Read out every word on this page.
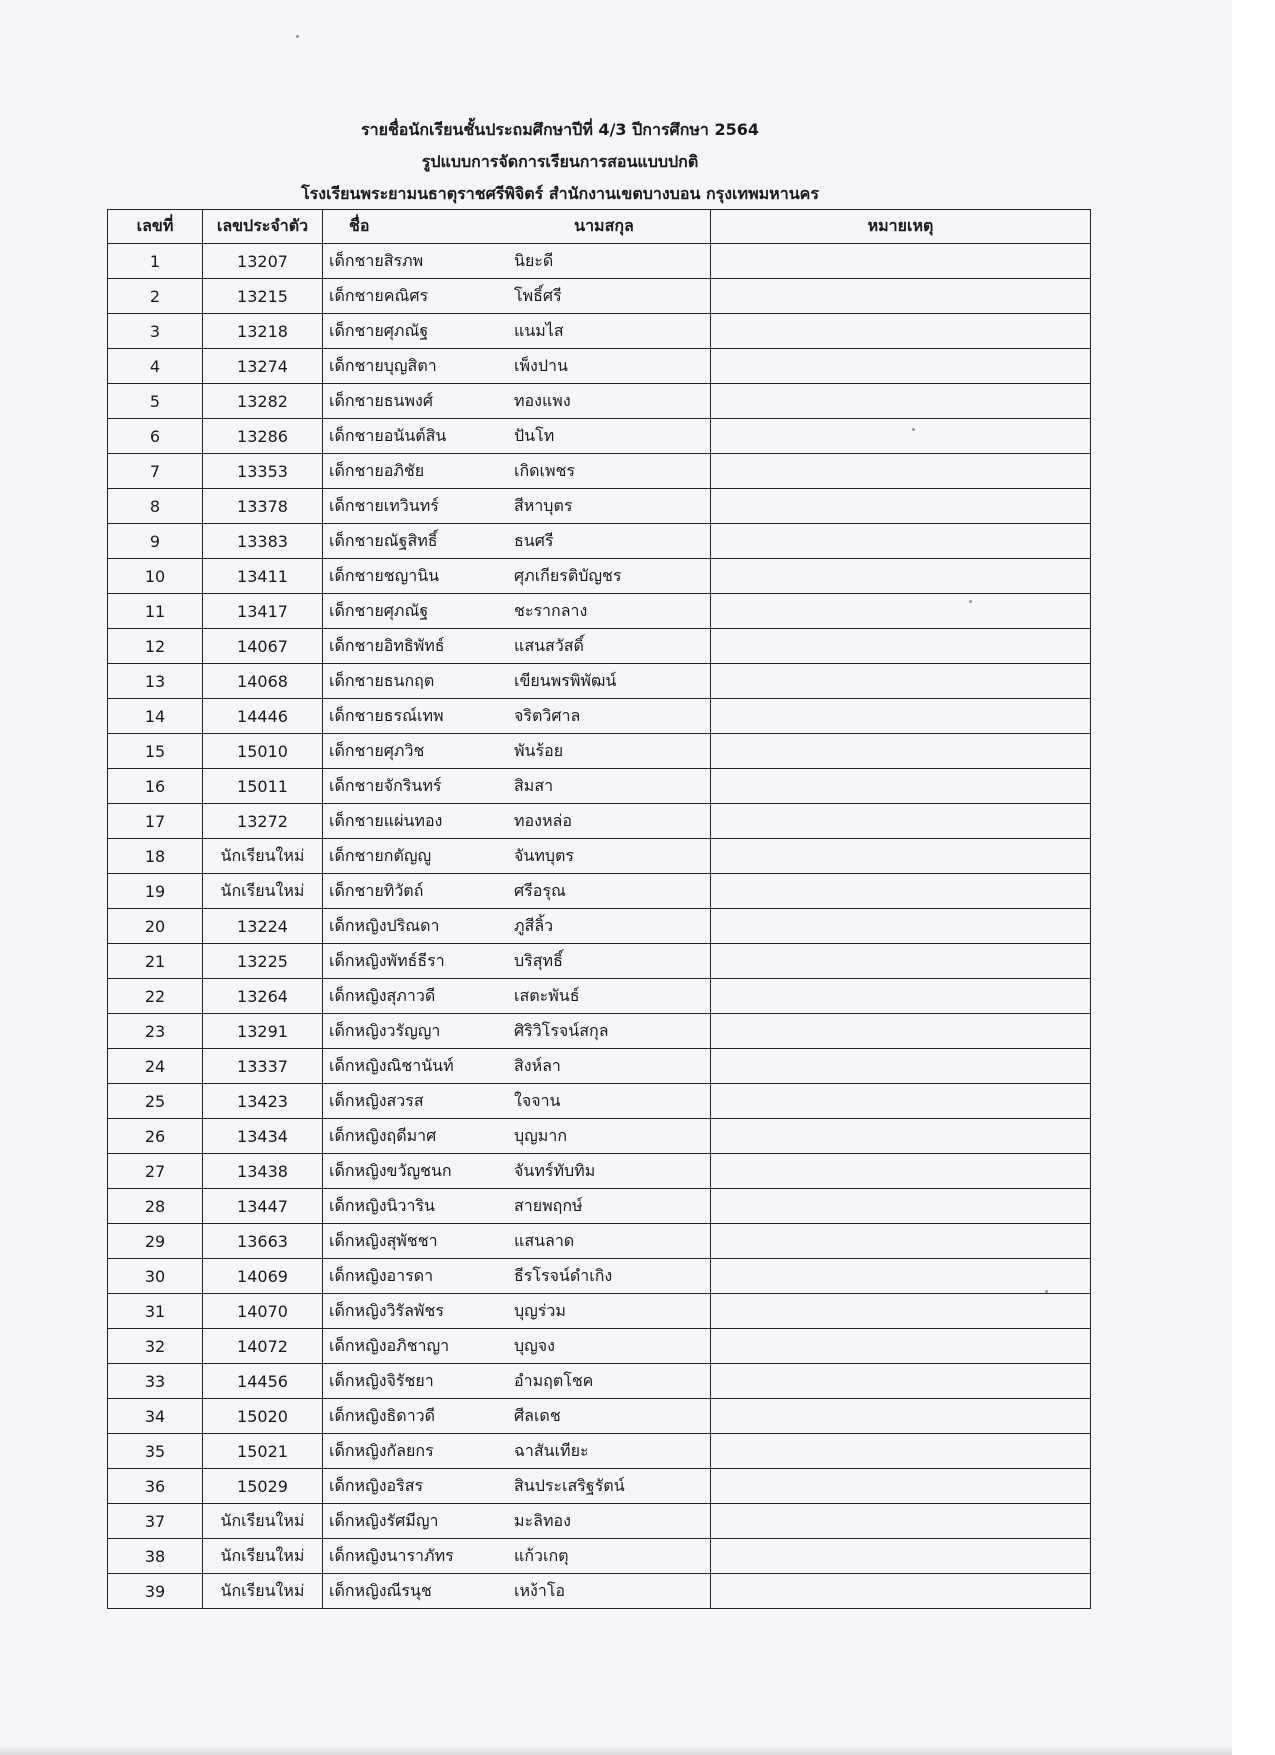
รายชื่อนักเรียนชั้นประถมศึกษาปีที่ 4/3 ปีการศึกษา 2564
รูปแบบการจัดการเรียนการสอนแบบปกติ
โรงเรียนพระยามนธาตุราชศรีพิจิตร์ สำนักงานเขตบางบอน กรุงเทพมหานคร
เลขที่	เลขประจำตัว	ชื่อ นามสกุล	หมายเหตุ
1	13207	เด็กชายสิรภพ นิยะดี	

2	13215	เด็กชายคณิศร โพธิ์ศรี	

3	13218	เด็กชายศุภณัฐ แนมไส	

4	13274	เด็กชายบุญสิตา เพ็งปาน	

5	13282	เด็กชายธนพงศ์ ทองแพง	

6	13286	เด็กชายอนันต์สิน ปันโท	

7	13353	เด็กชายอภิชัย เกิดเพชร	

8	13378	เด็กชายเทวินทร์ สีหาบุตร	

9	13383	เด็กชายณัฐสิทธิ์ ธนศรี	

10	13411	เด็กชายชญานิน ศุภเกียรติบัญชร	

11	13417	เด็กชายศุภณัฐ ชะรากลาง	

12	14067	เด็กชายอิทธิพัทธ์ แสนสวัสดิ์	

13	14068	เด็กชายธนกฤต เขียนพรพิพัฒน์	

14	14446	เด็กชายธรณ์เทพ จริตวิศาล	

15	15010	เด็กชายศุภวิช พันร้อย	

16	15011	เด็กชายจักรินทร์ สิมสา	

17	13272	เด็กชายแผ่นทอง ทองหล่อ	

18	นักเรียนใหม่	เด็กชายกตัญญู จันทบุตร	

19	นักเรียนใหม่	เด็กชายทิวัตถ์ ศรีอรุณ	

20	13224	เด็กหญิงปริณดา ภูสีลิ้ว	

21	13225	เด็กหญิงพัทธ์ธีรา บริสุทธิ์	

22	13264	เด็กหญิงสุภาวดี เสตะพันธ์	

23	13291	เด็กหญิงวรัญญา ศิริวิโรจน์สกุล	

24	13337	เด็กหญิงณิชานันท์ สิงห์ลา	

25	13423	เด็กหญิงสวรส ใจจาน	

26	13434	เด็กหญิงฤดีมาศ บุญมาก	

27	13438	เด็กหญิงขวัญชนก จันทร์ทับทิม	

28	13447	เด็กหญิงนิวาริน สายพฤกษ์	

29	13663	เด็กหญิงสุพัชชา แสนลาด	

30	14069	เด็กหญิงอารดา ธีรโรจน์ดำเกิง	

31	14070	เด็กหญิงวิรัลพัชร บุญร่วม	

32	14072	เด็กหญิงอภิชาญา บุญจง	

33	14456	เด็กหญิงจิรัชยา อำมฤตโชค	

34	15020	เด็กหญิงธิดาวดี ศีลเดช	

35	15021	เด็กหญิงกัลยกร ฉาสันเทียะ	

36	15029	เด็กหญิงอริสร สินประเสริฐรัตน์	

37	นักเรียนใหม่	เด็กหญิงรัศมีญา มะลิทอง	

38	นักเรียนใหม่	เด็กหญิงนาราภัทร แก้วเกตุ	

39	นักเรียนใหม่	เด็กหญิงณีรนุช เหง้าโอ	
